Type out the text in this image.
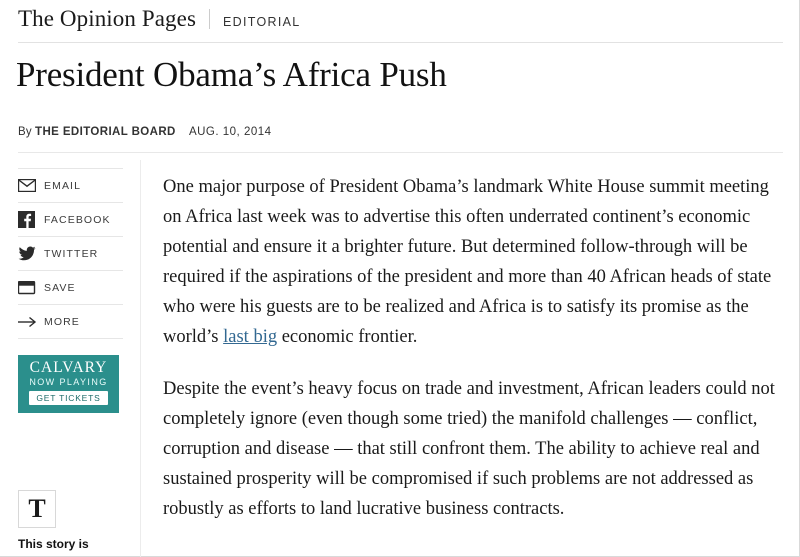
The Opinion Pages EDITORIAL
President Obama’s Africa Push
By THE EDITORIAL BOARD AUG. 10, 2014
EMAIL
FACEBOOK
TWITTER
SAVE
MORE
CALVARY
NOW PLAYING
GET TICKETS
T
This story is

One major purpose of President Obama’s landmark White House summit meeting on Africa last week was to advertise this often underrated continent’s economic potential and ensure it a brighter future. But determined follow-through will be required if the aspirations of the president and more than 40 African heads of state who were his guests are to be realized and Africa is to satisfy its promise as the world’s last big economic frontier.

Despite the event’s heavy focus on trade and investment, African leaders could not completely ignore (even though some tried) the manifold challenges — conflict, corruption and disease — that still confront them. The ability to achieve real and sustained prosperity will be compromised if such problems are not addressed as robustly as efforts to land lucrative business contracts.
